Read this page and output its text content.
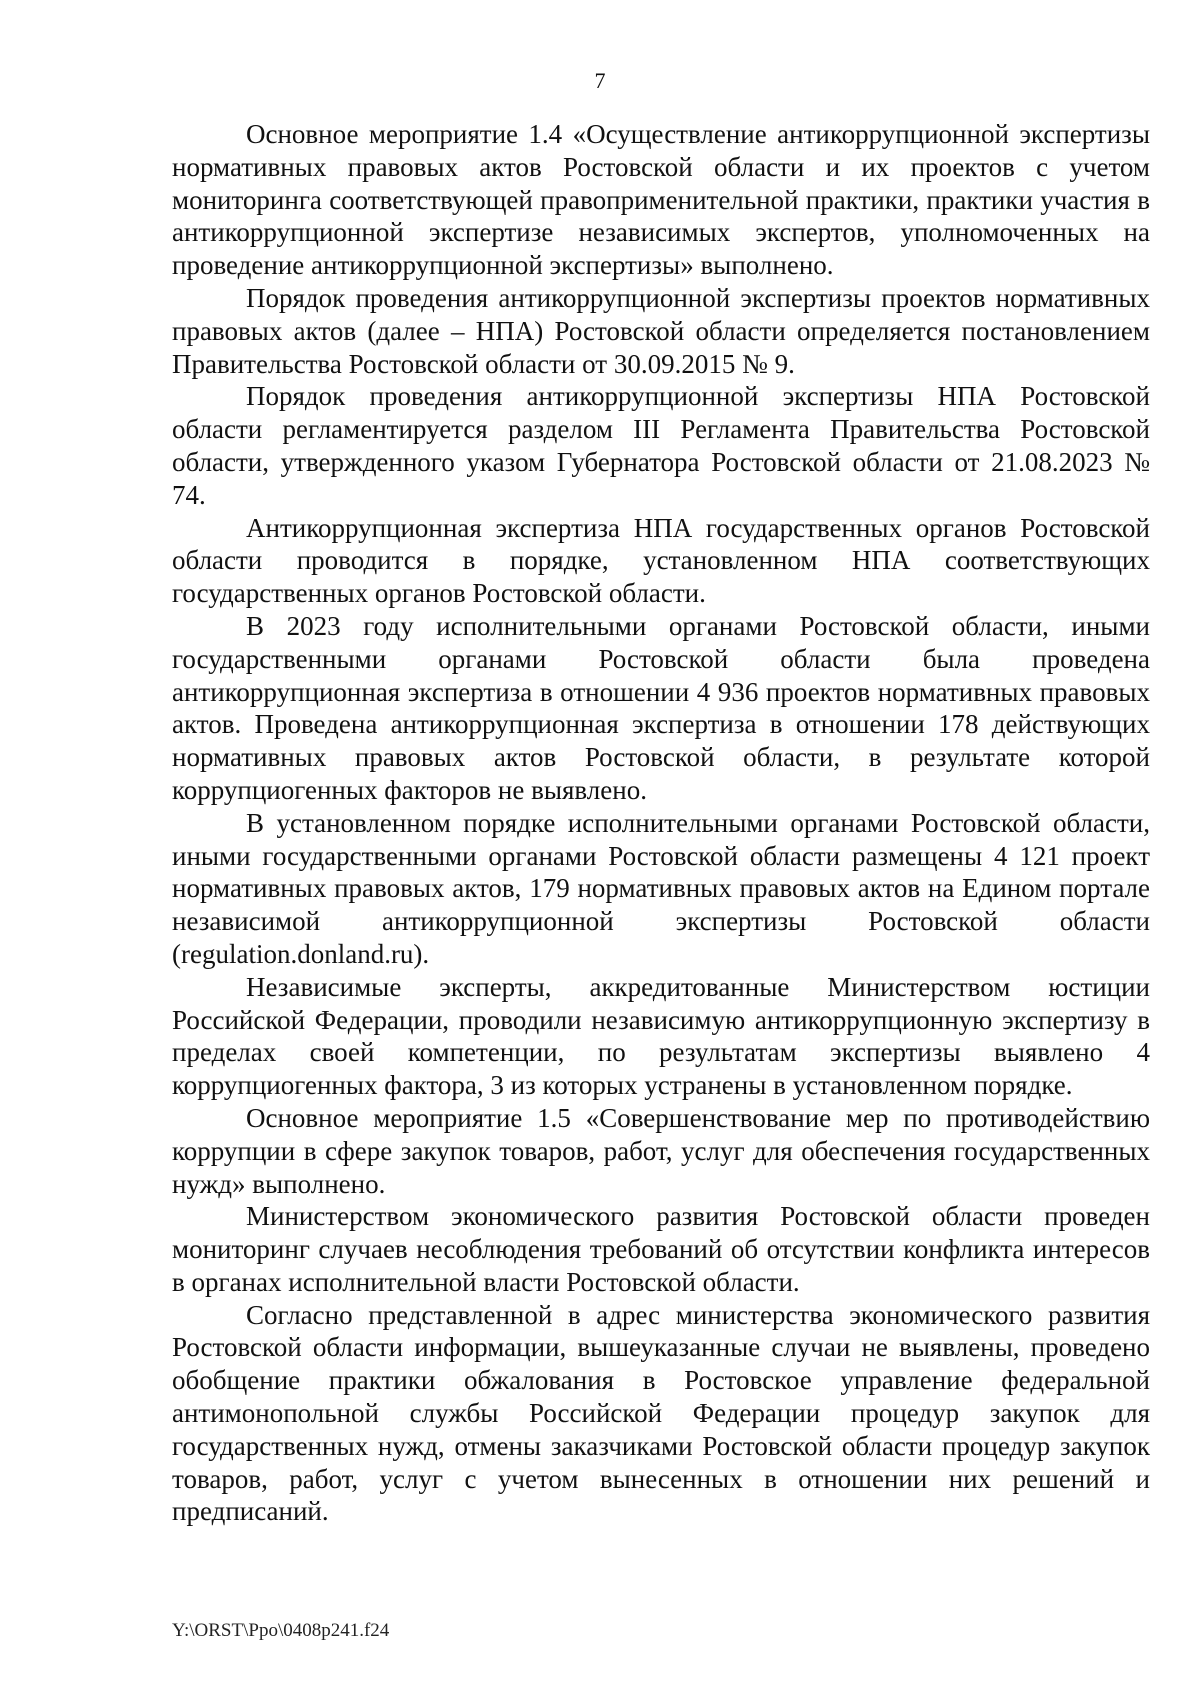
7

Основное мероприятие 1.4 «Осуществление антикоррупционной экспертизы нормативных правовых актов Ростовской области и их проектов с учетом мониторинга соответствующей правоприменительной практики, практики участия в антикоррупционной экспертизе независимых экспертов, уполномоченных на проведение антикоррупционной экспертизы» выполнено.

Порядок проведения антикоррупционной экспертизы проектов нормативных правовых актов (далее – НПА) Ростовской области определяется постановлением Правительства Ростовской области от 30.09.2015 № 9.

Порядок проведения антикоррупционной экспертизы НПА Ростовской области регламентируется разделом III Регламента Правительства Ростовской области, утвержденного указом Губернатора Ростовской области от 21.08.2023 № 74.

Антикоррупционная экспертиза НПА государственных органов Ростовской области проводится в порядке, установленном НПА соответствующих государственных органов Ростовской области.

В 2023 году исполнительными органами Ростовской области, иными государственными органами Ростовской области была проведена антикоррупционная экспертиза в отношении 4 936 проектов нормативных правовых актов. Проведена антикоррупционная экспертиза в отношении 178 действующих нормативных правовых актов Ростовской области, в результате которой коррупциогенных факторов не выявлено.

В установленном порядке исполнительными органами Ростовской области, иными государственными органами Ростовской области размещены 4 121 проект нормативных правовых актов, 179 нормативных правовых актов на Едином портале независимой антикоррупционной экспертизы Ростовской области (regulation.donland.ru).

Независимые эксперты, аккредитованные Министерством юстиции Российской Федерации, проводили независимую антикоррупционную экспертизу в пределах своей компетенции, по результатам экспертизы выявлено 4 коррупциогенных фактора, 3 из которых устранены в установленном порядке.

Основное мероприятие 1.5 «Совершенствование мер по противодействию коррупции в сфере закупок товаров, работ, услуг для обеспечения государственных нужд» выполнено.

Министерством экономического развития Ростовской области проведен мониторинг случаев несоблюдения требований об отсутствии конфликта интересов в органах исполнительной власти Ростовской области.

Согласно представленной в адрес министерства экономического развития Ростовской области информации, вышеуказанные случаи не выявлены, проведено обобщение практики обжалования в Ростовское управление федеральной антимонопольной службы Российской Федерации процедур закупок для государственных нужд, отмены заказчиками Ростовской области процедур закупок товаров, работ, услуг с учетом вынесенных в отношении них решений и предписаний.

Y:\ORST\Ppo\0408p241.f24
